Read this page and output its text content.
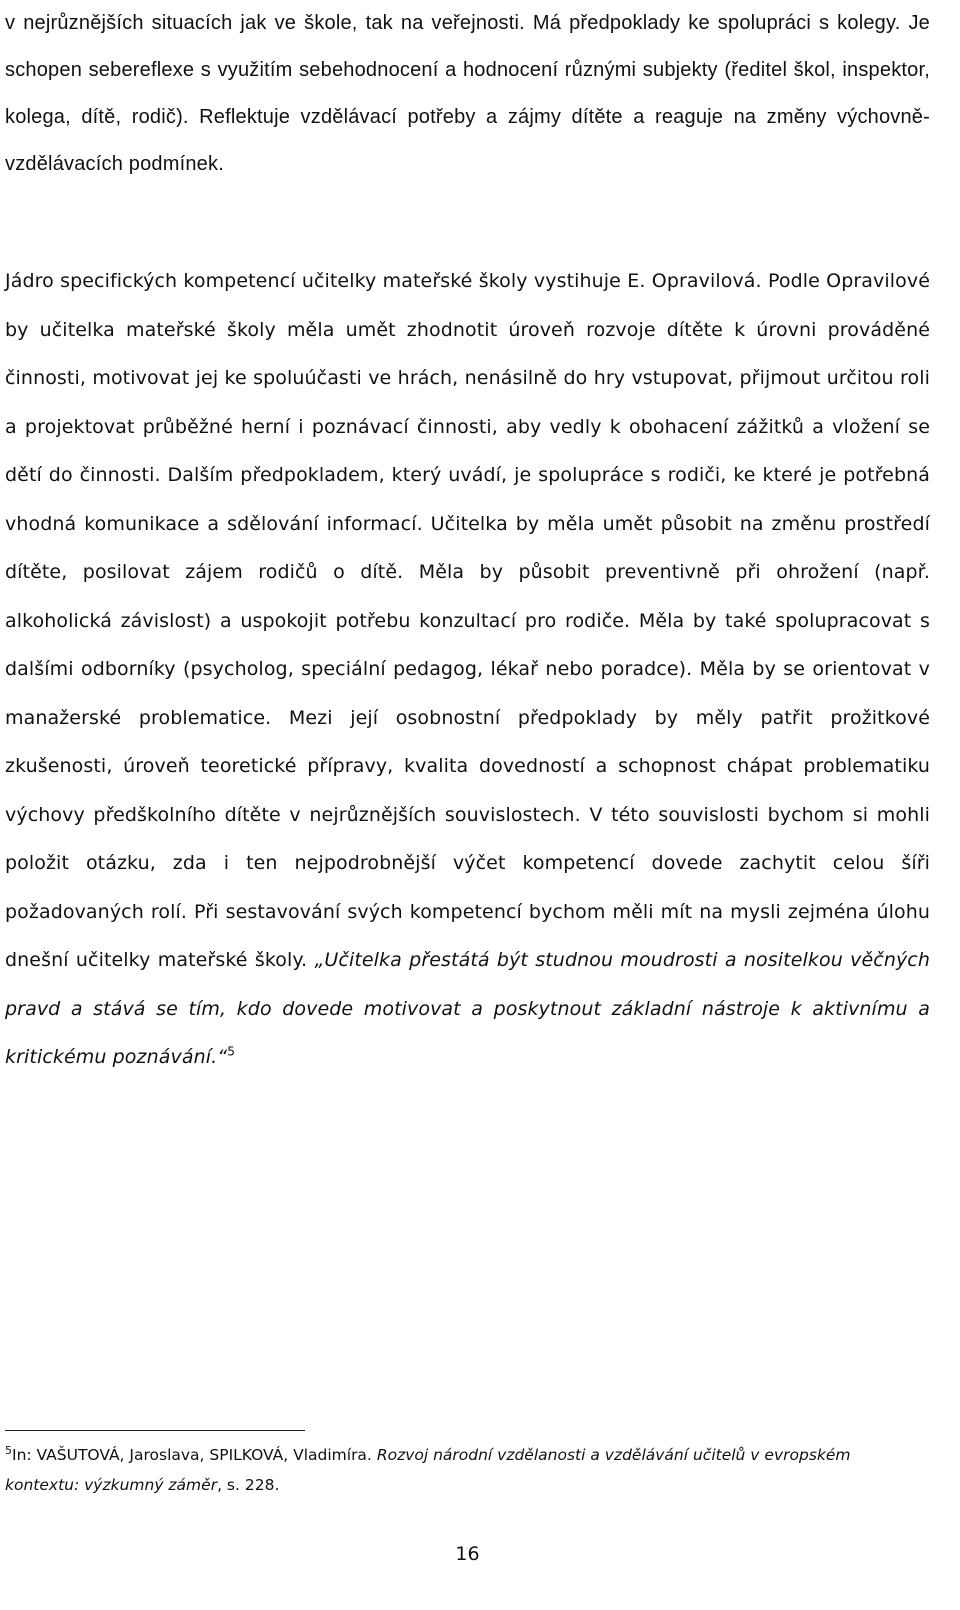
v nejrůznějších situacích jak ve škole, tak na veřejnosti. Má předpoklady ke spolupráci s kolegy. Je schopen sebereflexe s využitím sebehodnocení a hodnocení různými subjekty (ředitel škol, inspektor, kolega, dítě, rodič). Reflektuje vzdělávací potřeby a zájmy dítěte a reaguje na změny výchovně-vzdělávacích podmínek.

Jádro specifických kompetencí učitelky mateřské školy vystihuje E. Opravilová. Podle Opravilové by učitelka mateřské školy měla umět zhodnotit úroveň rozvoje dítěte k úrovni prováděné činnosti, motivovat jej ke spoluúčasti ve hrách, nenásilně do hry vstupovat, přijmout určitou roli a projektovat průběžné herní i poznávací činnosti, aby vedly k obohacení zážitků a vložení se dětí do činnosti. Dalším předpokladem, který uvádí, je spolupráce s rodiči, ke které je potřebná vhodná komunikace a sdělování informací. Učitelka by měla umět působit na změnu prostředí dítěte, posilovat zájem rodičů o dítě. Měla by působit preventivně při ohrožení (např. alkoholická závislost) a uspokojit potřebu konzultací pro rodiče. Měla by také spolupracovat s dalšími odborníky (psycholog, speciální pedagog, lékař nebo poradce). Měla by se orientovat v manažerské problematice. Mezi její osobnostní předpoklady by měly patřit prožitkové zkušenosti, úroveň teoretické přípravy, kvalita dovedností a schopnost chápat problematiku výchovy předškolního dítěte v nejrůznějších souvislostech. V této souvislosti bychom si mohli položit otázku, zda i ten nejpodrobnější výčet kompetencí dovede zachytit celou šíři požadovaných rolí. Při sestavování svých kompetencí bychom měli mít na mysli zejména úlohu dnešní učitelky mateřské školy. „Učitelka přestátá být studnou moudrosti a nositelkou věčných pravd a stává se tím, kdo dovede motivovat a poskytnout základní nástroje k aktivnímu a kritickému poznávání.“$^5$

$^5$In: VAŠUTOVÁ, Jaroslava, SPILKOVÁ, Vladimíra. Rozvoj národní vzdělanosti a vzdělávání učitelů v evropském kontextu: výzkumný záměr, s. 228.

16
